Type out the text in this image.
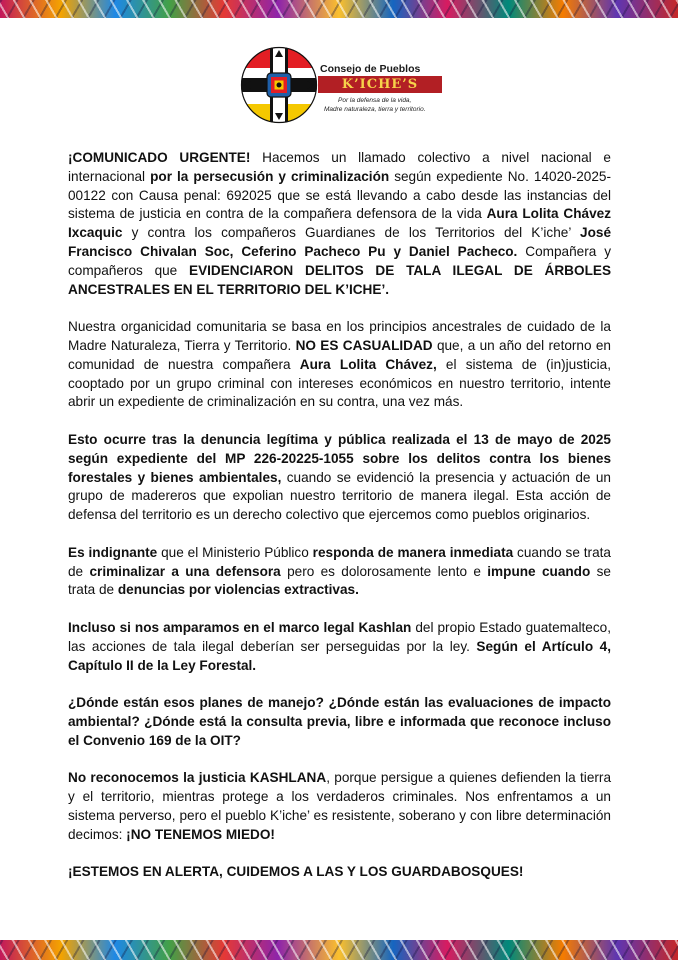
Consejo de Pueblos
K’ICHE’S
Por la defensa de la vida,
Madre naturaleza, tierra y territorio.

¡COMUNICADO URGENTE! Hacemos un llamado colectivo a nivel nacional e internacional por la persecusión y criminalización según expediente No. 14020-2025-00122 con Causa penal: 692025 que se está llevando a cabo desde las instancias del sistema de justicia en contra de la compañera defensora de la vida Aura Lolita Chávez Ixcaquic y contra los compañeros Guardianes de los Territorios del K’iche’ José Francisco Chivalan Soc, Ceferino Pacheco Pu y Daniel Pacheco. Compañera y compañeros que EVIDENCIARON DELITOS DE TALA ILEGAL DE ÁRBOLES ANCESTRALES EN EL TERRITORIO DEL K’ICHE’.

Nuestra organicidad comunitaria se basa en los principios ancestrales de cuidado de la Madre Naturaleza, Tierra y Territorio. NO ES CASUALIDAD que, a un año del retorno en comunidad de nuestra compañera Aura Lolita Chávez, el sistema de (in)justicia, cooptado por un grupo criminal con intereses económicos en nuestro territorio, intente abrir un expediente de criminalización en su contra, una vez más.

Esto ocurre tras la denuncia legítima y pública realizada el 13 de mayo de 2025 según expediente del MP 226-20225-1055 sobre los delitos contra los bienes forestales y bienes ambientales, cuando se evidenció la presencia y actuación de un grupo de madereros que expolian nuestro territorio de manera ilegal. Esta acción de defensa del territorio es un derecho colectivo que ejercemos como pueblos originarios.

Es indignante que el Ministerio Público responda de manera inmediata cuando se trata de criminalizar a una defensora pero es dolorosamente lento e impune cuando se trata de denuncias por violencias extractivas.

Incluso si nos amparamos en el marco legal Kashlan del propio Estado guatemalteco, las acciones de tala ilegal deberían ser perseguidas por la ley. Según el Artículo 4, Capítulo II de la Ley Forestal.

¿Dónde están esos planes de manejo? ¿Dónde están las evaluaciones de impacto ambiental? ¿Dónde está la consulta previa, libre e informada que reconoce incluso el Convenio 169 de la OIT?

No reconocemos la justicia KASHLANA, porque persigue a quienes defienden la tierra y el territorio, mientras protege a los verdaderos criminales. Nos enfrentamos a un sistema perverso, pero el pueblo K’iche’ es resistente, soberano y con libre determinación decimos: ¡NO TENEMOS MIEDO!

¡ESTEMOS EN ALERTA, CUIDEMOS A LAS Y LOS GUARDABOSQUES!
